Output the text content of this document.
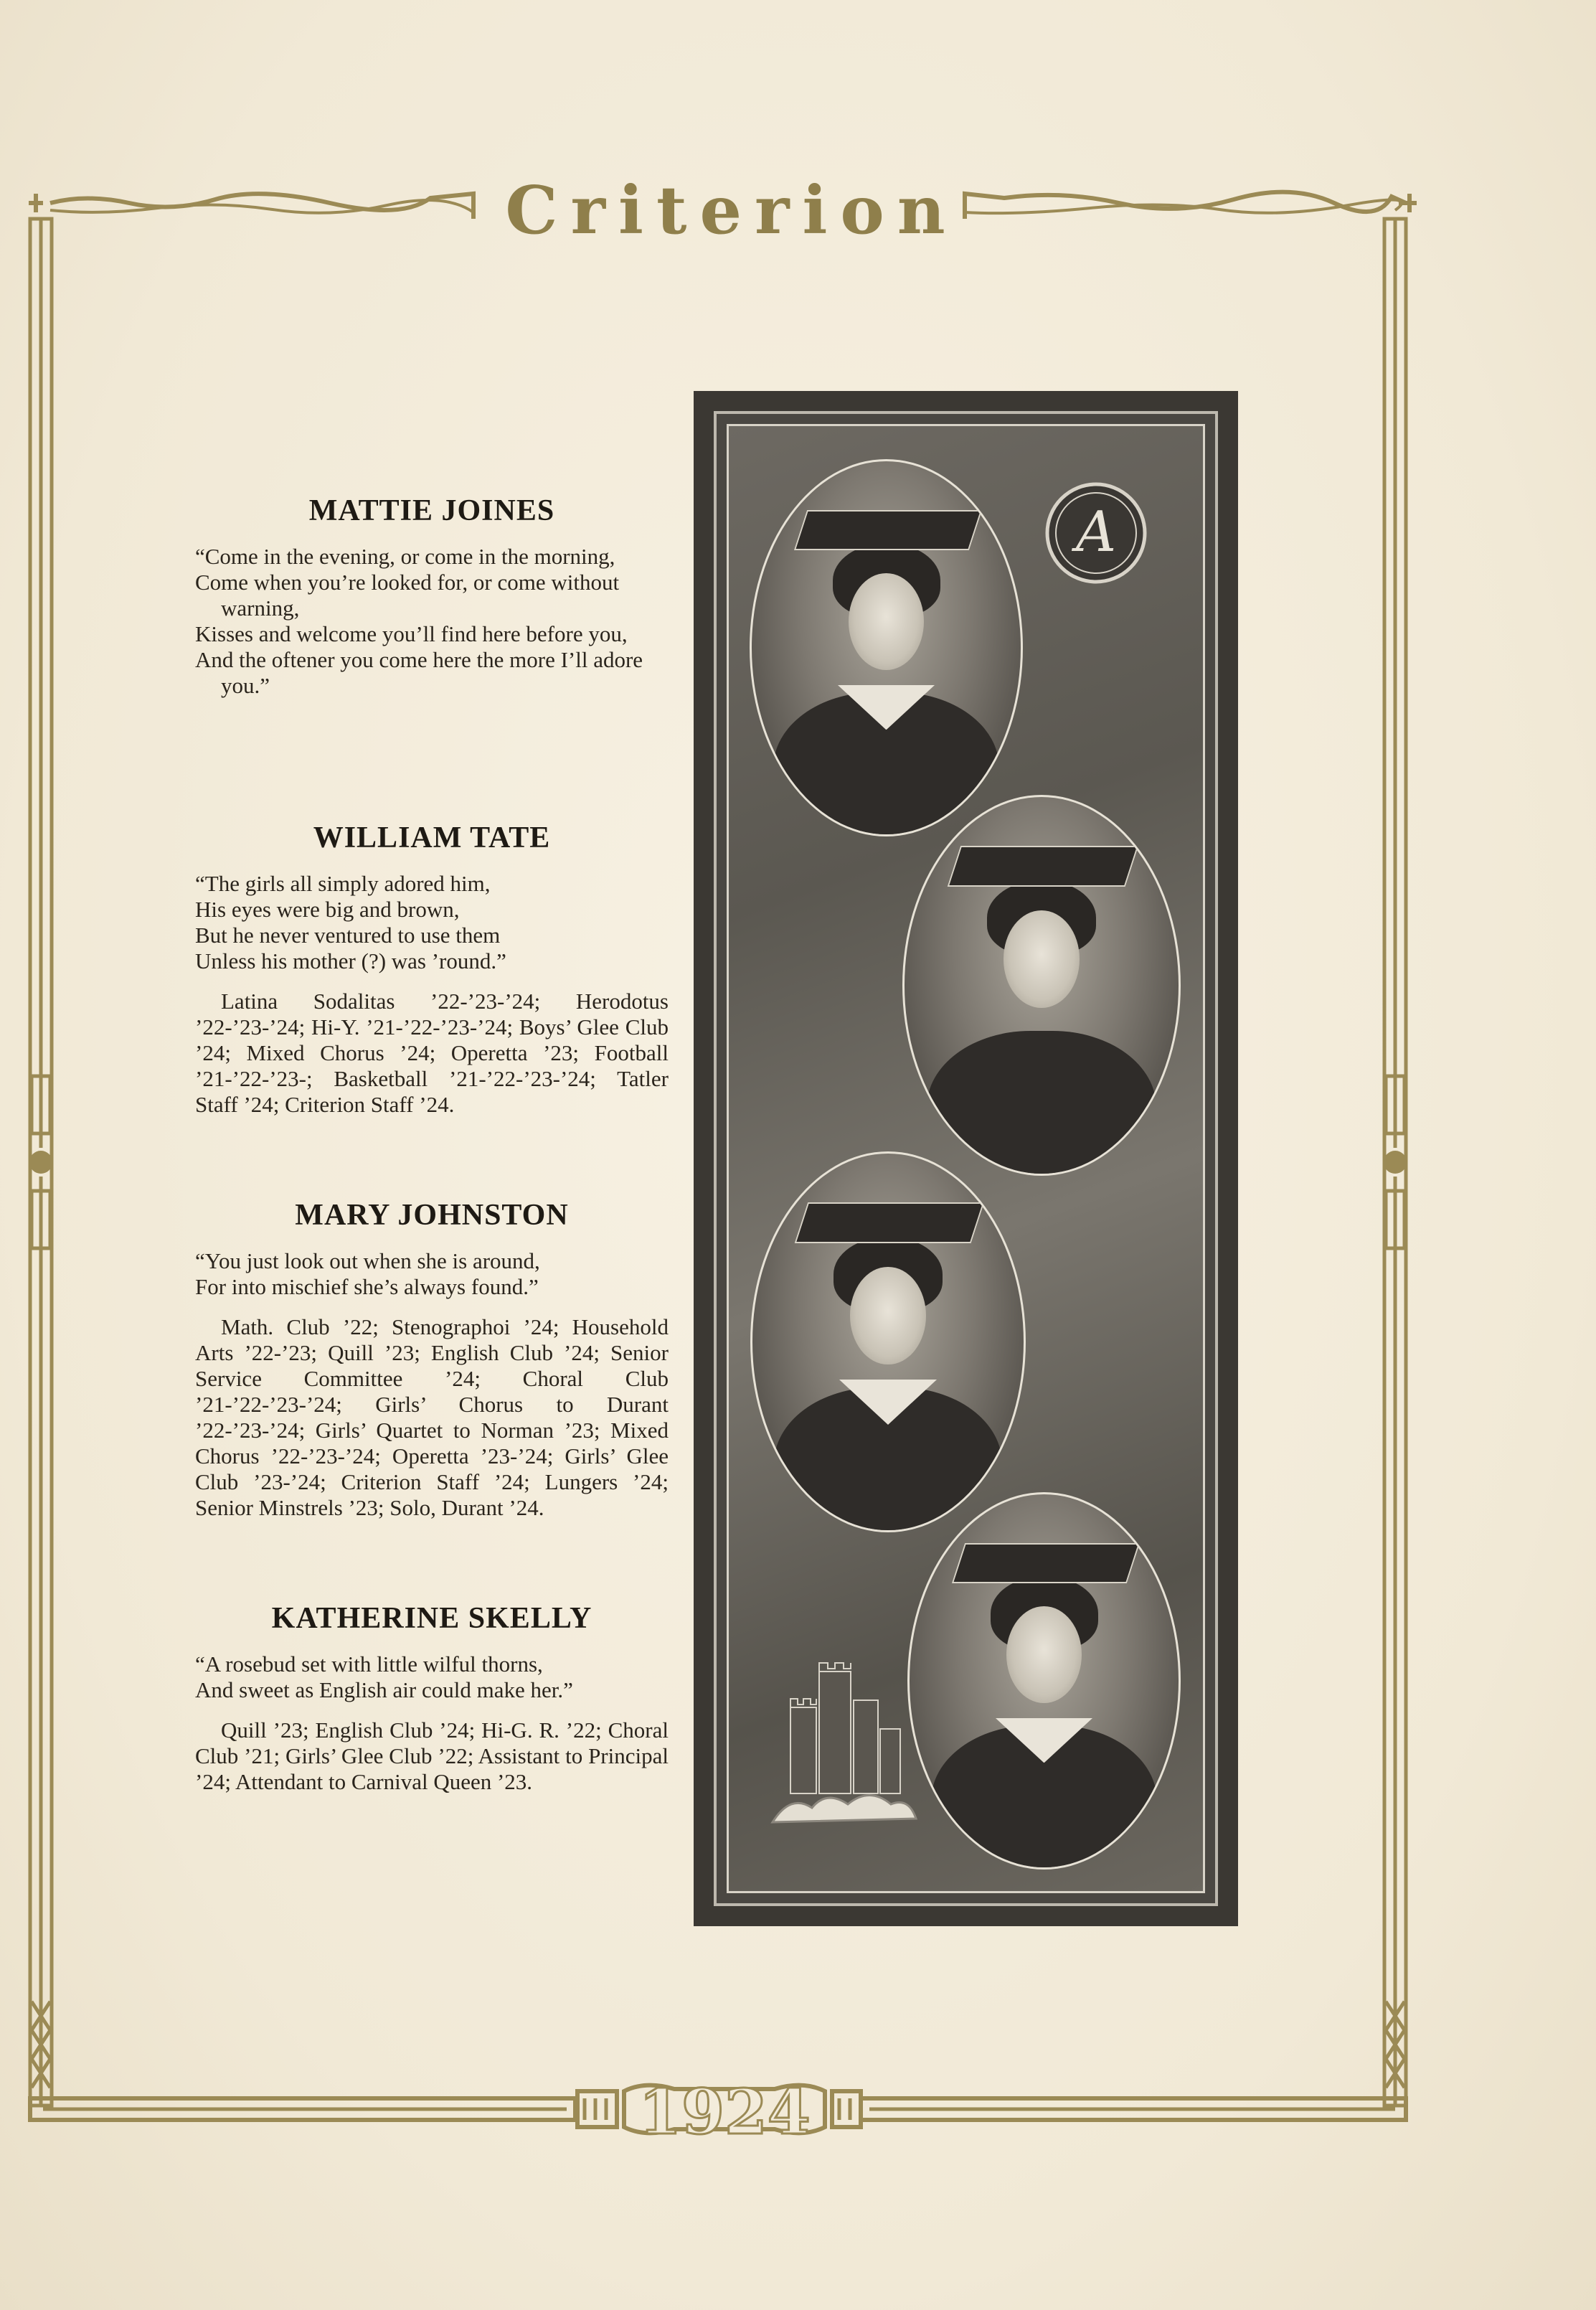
Criterion
1924
MATTIE JOINES
“Come in the evening, or come in the morning,
Come when you’re looked for, or come without warning,
Kisses and welcome you’ll find here before you,
And the oftener you come here the more I’ll adore you.”
WILLIAM TATE
“The girls all simply adored him,
His eyes were big and brown,
But he never ventured to use them
Unless his mother (?) was ’round.”

Latina Sodalitas ’22-’23-’24; Herodotus ’22-’23-’24; Hi-Y. ’21-’22-’23-’24; Boys’ Glee Club ’24; Mixed Chorus ’24; Operetta ’23; Football ’21-’22-’23-; Basketball ’21-’22-’23-’24; Tatler Staff ’24; Criterion Staff ’24.

MARY JOHNSTON
“You just look out when she is around,
For into mischief she’s always found.”

Math. Club ’22; Stenographoi ’24; Household Arts ’22-’23; Quill ’23; English Club ’24; Senior Service Committee ’24; Choral Club ’21-’22-’23-’24; Girls’ Chorus to Durant ’22-’23-’24; Girls’ Quartet to Norman ’23; Mixed Chorus ’22-’23-’24; Operetta ’23-’24; Girls’ Glee Club ’23-’24; Criterion Staff ’24; Lungers ’24; Senior Minstrels ’23; Solo, Durant ’24.

KATHERINE SKELLY
“A rosebud set with little wilful thorns,
And sweet as English air could make her.”

Quill ’23; English Club ’24; Hi-G. R. ’22; Choral Club ’21; Girls’ Glee Club ’22; Assistant to Principal ’24; Attendant to Carnival Queen ’23.

A
